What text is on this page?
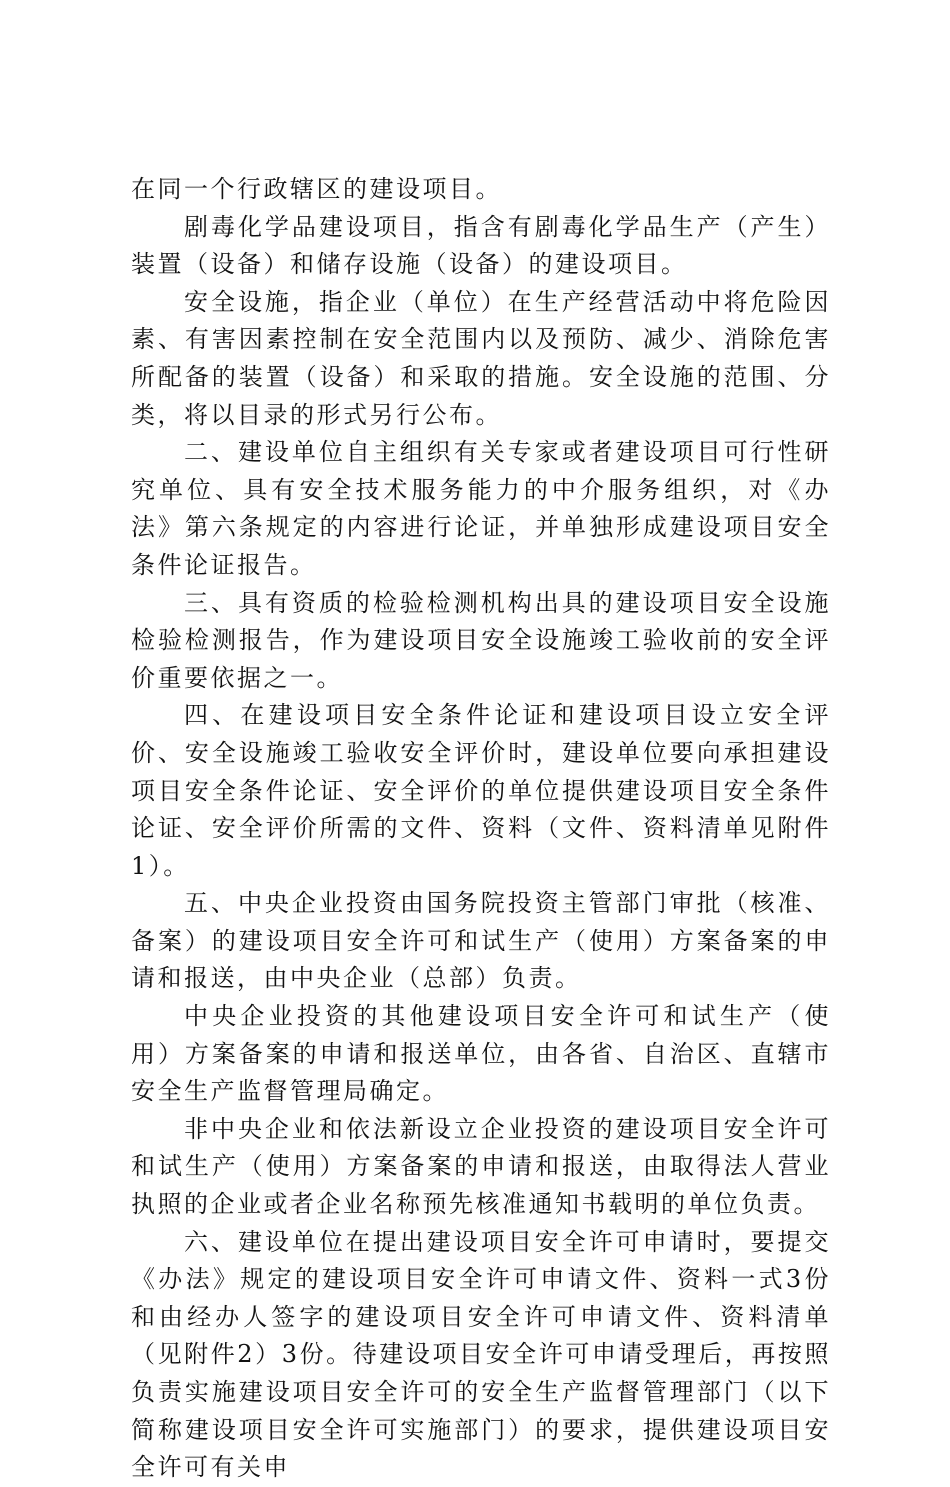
在同一个行政辖区的建设项目。

剧毒化学品建设项目，指含有剧毒化学品生产（产生）装置（设备）和储存设施（设备）的建设项目。

安全设施，指企业（单位）在生产经营活动中将危险因素、有害因素控制在安全范围内以及预防、减少、消除危害所配备的装置（设备）和采取的措施。安全设施的范围、分类，将以目录的形式另行公布。

二、建设单位自主组织有关专家或者建设项目可行性研究单位、具有安全技术服务能力的中介服务组织，对《办法》第六条规定的内容进行论证，并单独形成建设项目安全条件论证报告。

三、具有资质的检验检测机构出具的建设项目安全设施检验检测报告，作为建设项目安全设施竣工验收前的安全评价重要依据之一。

四、在建设项目安全条件论证和建设项目设立安全评价、安全设施竣工验收安全评价时，建设单位要向承担建设项目安全条件论证、安全评价的单位提供建设项目安全条件论证、安全评价所需的文件、资料（文件、资料清单见附件1）。

五、中央企业投资由国务院投资主管部门审批（核准、备案）的建设项目安全许可和试生产（使用）方案备案的申请和报送，由中央企业（总部）负责。

中央企业投资的其他建设项目安全许可和试生产（使用）方案备案的申请和报送单位，由各省、自治区、直辖市安全生产监督管理局确定。

非中央企业和依法新设立企业投资的建设项目安全许可和试生产（使用）方案备案的申请和报送，由取得法人营业执照的企业或者企业名称预先核准通知书载明的单位负责。

六、建设单位在提出建设项目安全许可申请时，要提交《办法》规定的建设项目安全许可申请文件、资料一式3份和由经办人签字的建设项目安全许可申请文件、资料清单（见附件2）3份。待建设项目安全许可申请受理后，再按照负责实施建设项目安全许可的安全生产监督管理部门（以下简称建设项目安全许可实施部门）的要求，提供建设项目安全许可有关申
